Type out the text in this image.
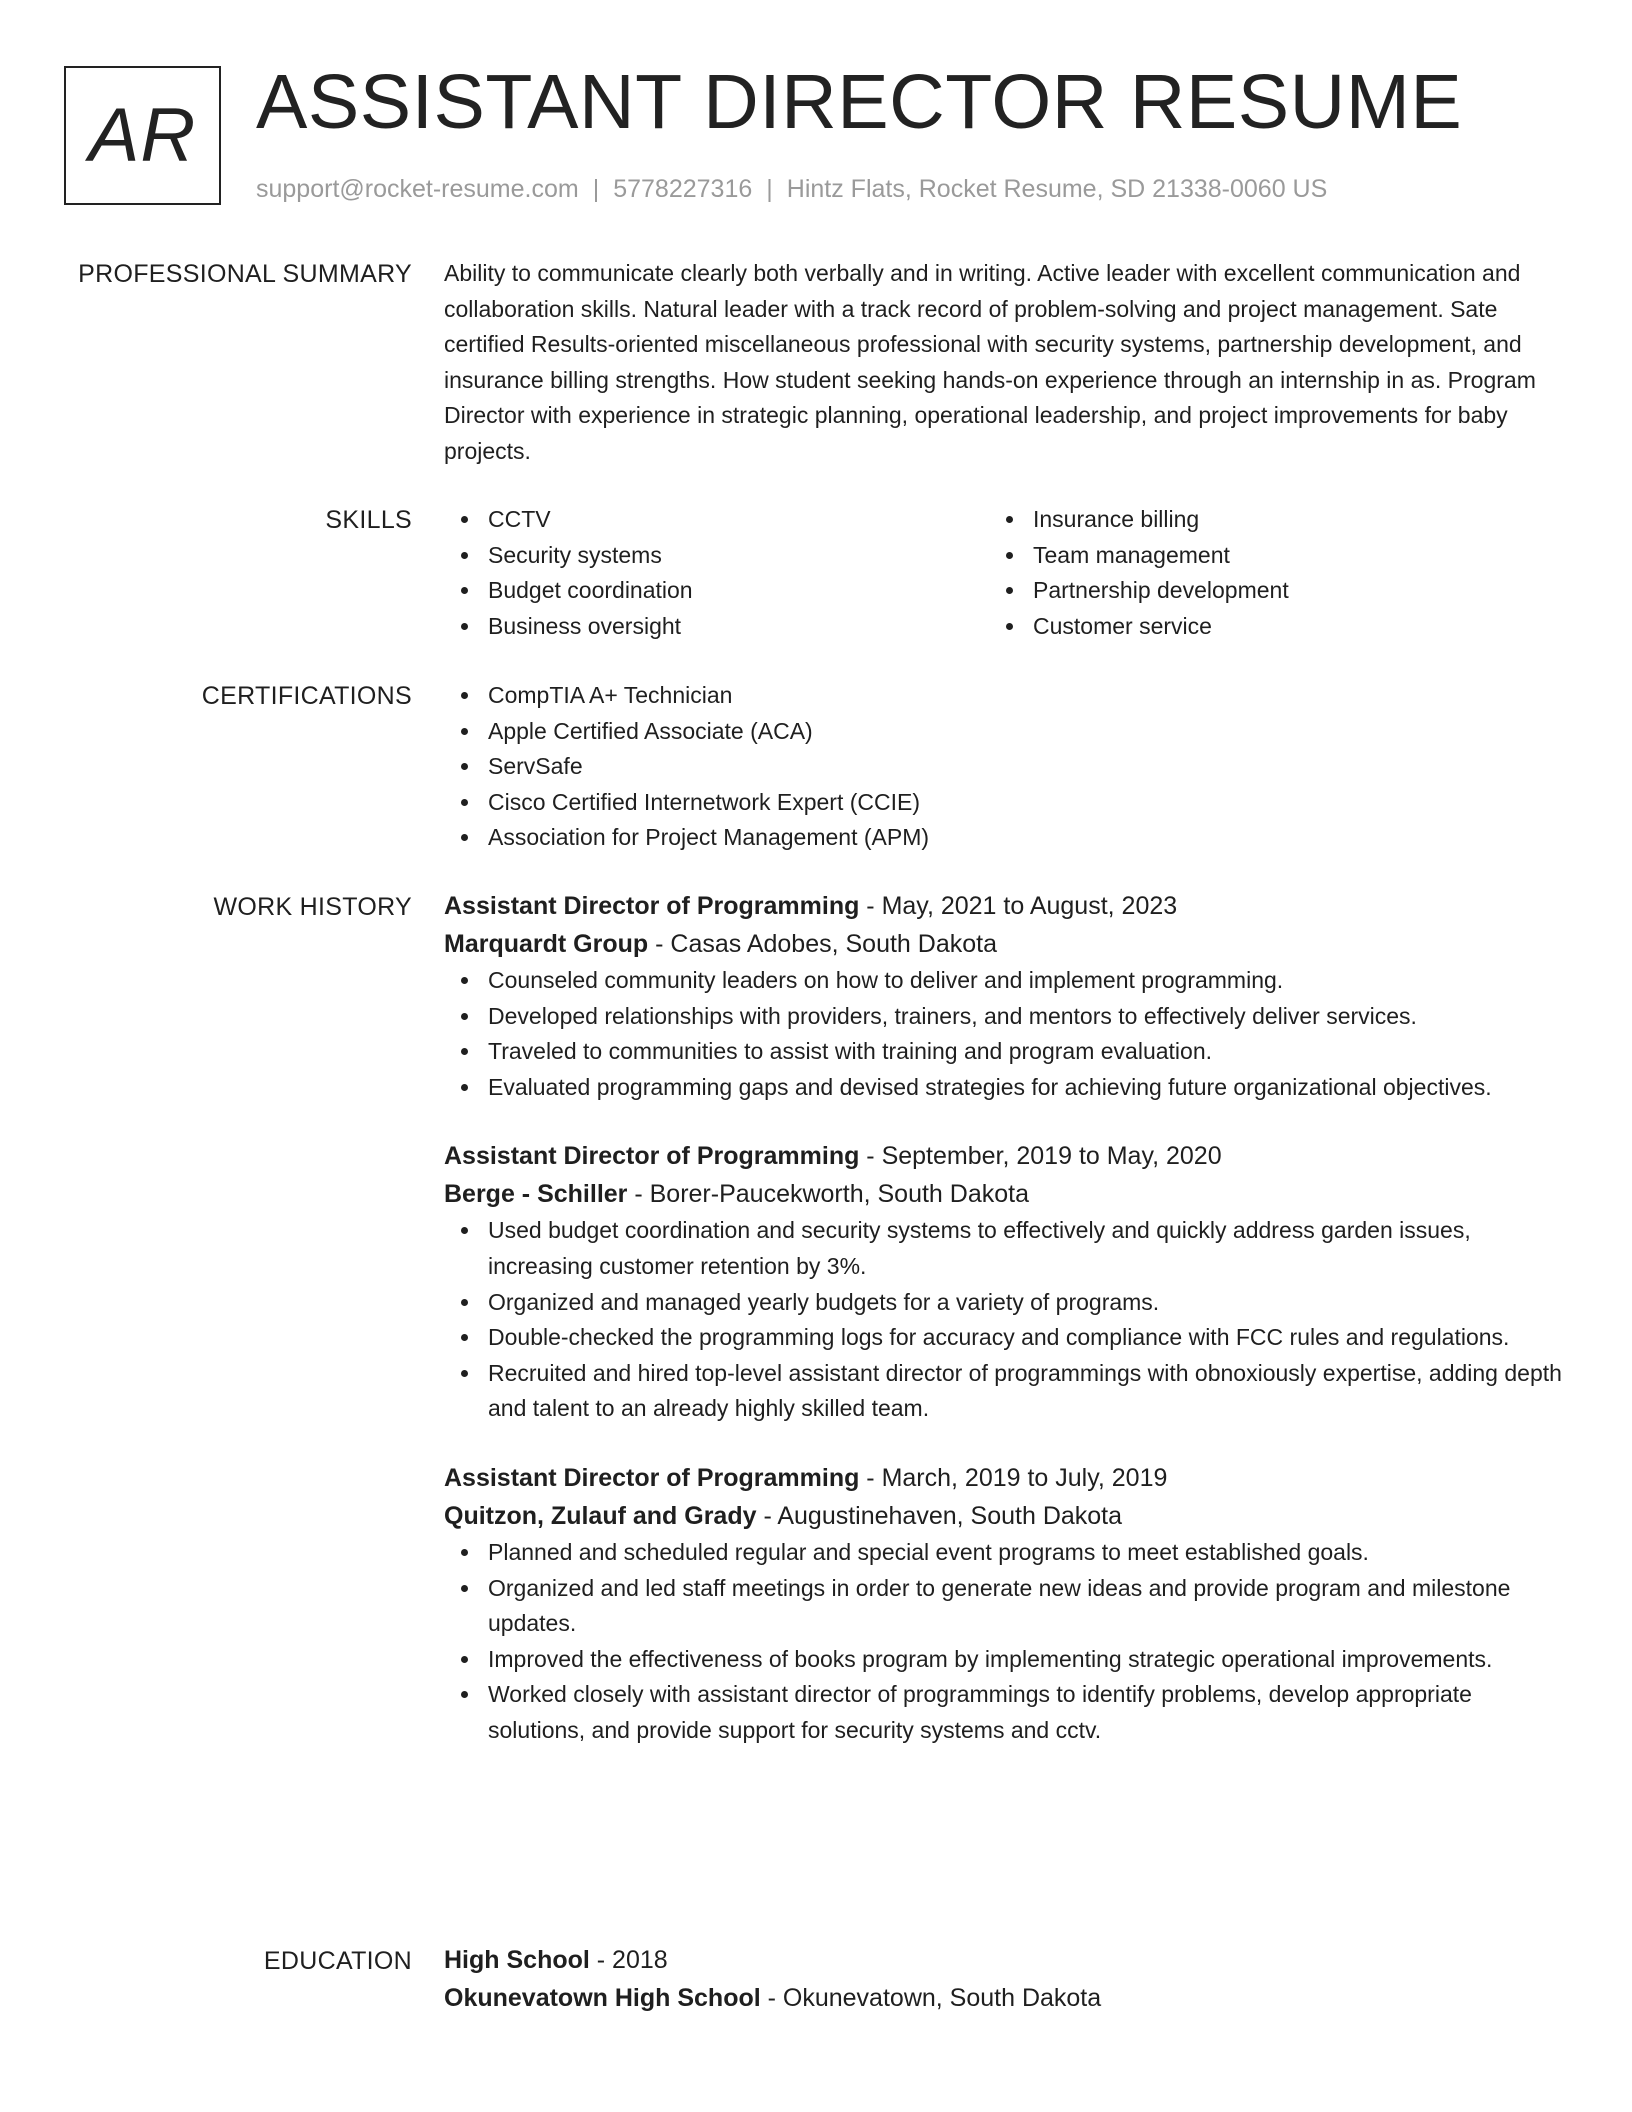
AR ASSISTANT DIRECTOR RESUME
support@rocket-resume.com | 5778227316 | Hintz Flats, Rocket Resume, SD 21338-0060 US
PROFESSIONAL SUMMARY Ability to communicate clearly both verbally and in writing. Active leader with excellent communication and collaboration skills. Natural leader with a track record of problem-solving and project management. Sate certified Results-oriented miscellaneous professional with security systems, partnership development, and insurance billing strengths. How student seeking hands-on experience through an internship in as. Program Director with experience in strategic planning, operational leadership, and project improvements for baby projects.

SKILLS	CCTV
Security systems
Budget coordination
Business oversight
Insurance billing
Team management
Partnership development
Customer service
CERTIFICATIONS	CompTIA A+ Technician
Apple Certified Associate (ACA)
ServSafe
Cisco Certified Internetwork Expert (CCIE)
Association for Project Management (APM)
WORK HISTORY Assistant Director of Programming - May, 2021 to August, 2023
Marquardt Group - Casas Adobes, South Dakota
Counseled community leaders on how to deliver and implement programming.
Developed relationships with providers, trainers, and mentors to effectively deliver services.
Traveled to communities to assist with training and program evaluation.
Evaluated programming gaps and devised strategies for achieving future organizational objectives.
Assistant Director of Programming - September, 2019 to May, 2020
Berge - Schiller - Borer-Paucekworth, South Dakota
Used budget coordination and security systems to effectively and quickly address garden issues, increasing customer retention by 3%.
Organized and managed yearly budgets for a variety of programs.
Double-checked the programming logs for accuracy and compliance with FCC rules and regulations.
Recruited and hired top-level assistant director of programmings with obnoxiously expertise, adding depth and talent to an already highly skilled team.
Assistant Director of Programming - March, 2019 to July, 2019
Quitzon, Zulauf and Grady - Augustinehaven, South Dakota
Planned and scheduled regular and special event programs to meet established goals.
Organized and led staff meetings in order to generate new ideas and provide program and milestone updates.
Improved the effectiveness of books program by implementing strategic operational improvements.
Worked closely with assistant director of programmings to identify problems, develop appropriate solutions, and provide support for security systems and cctv.
EDUCATION High School - 2018
Okunevatown High School - Okunevatown, South Dakota
